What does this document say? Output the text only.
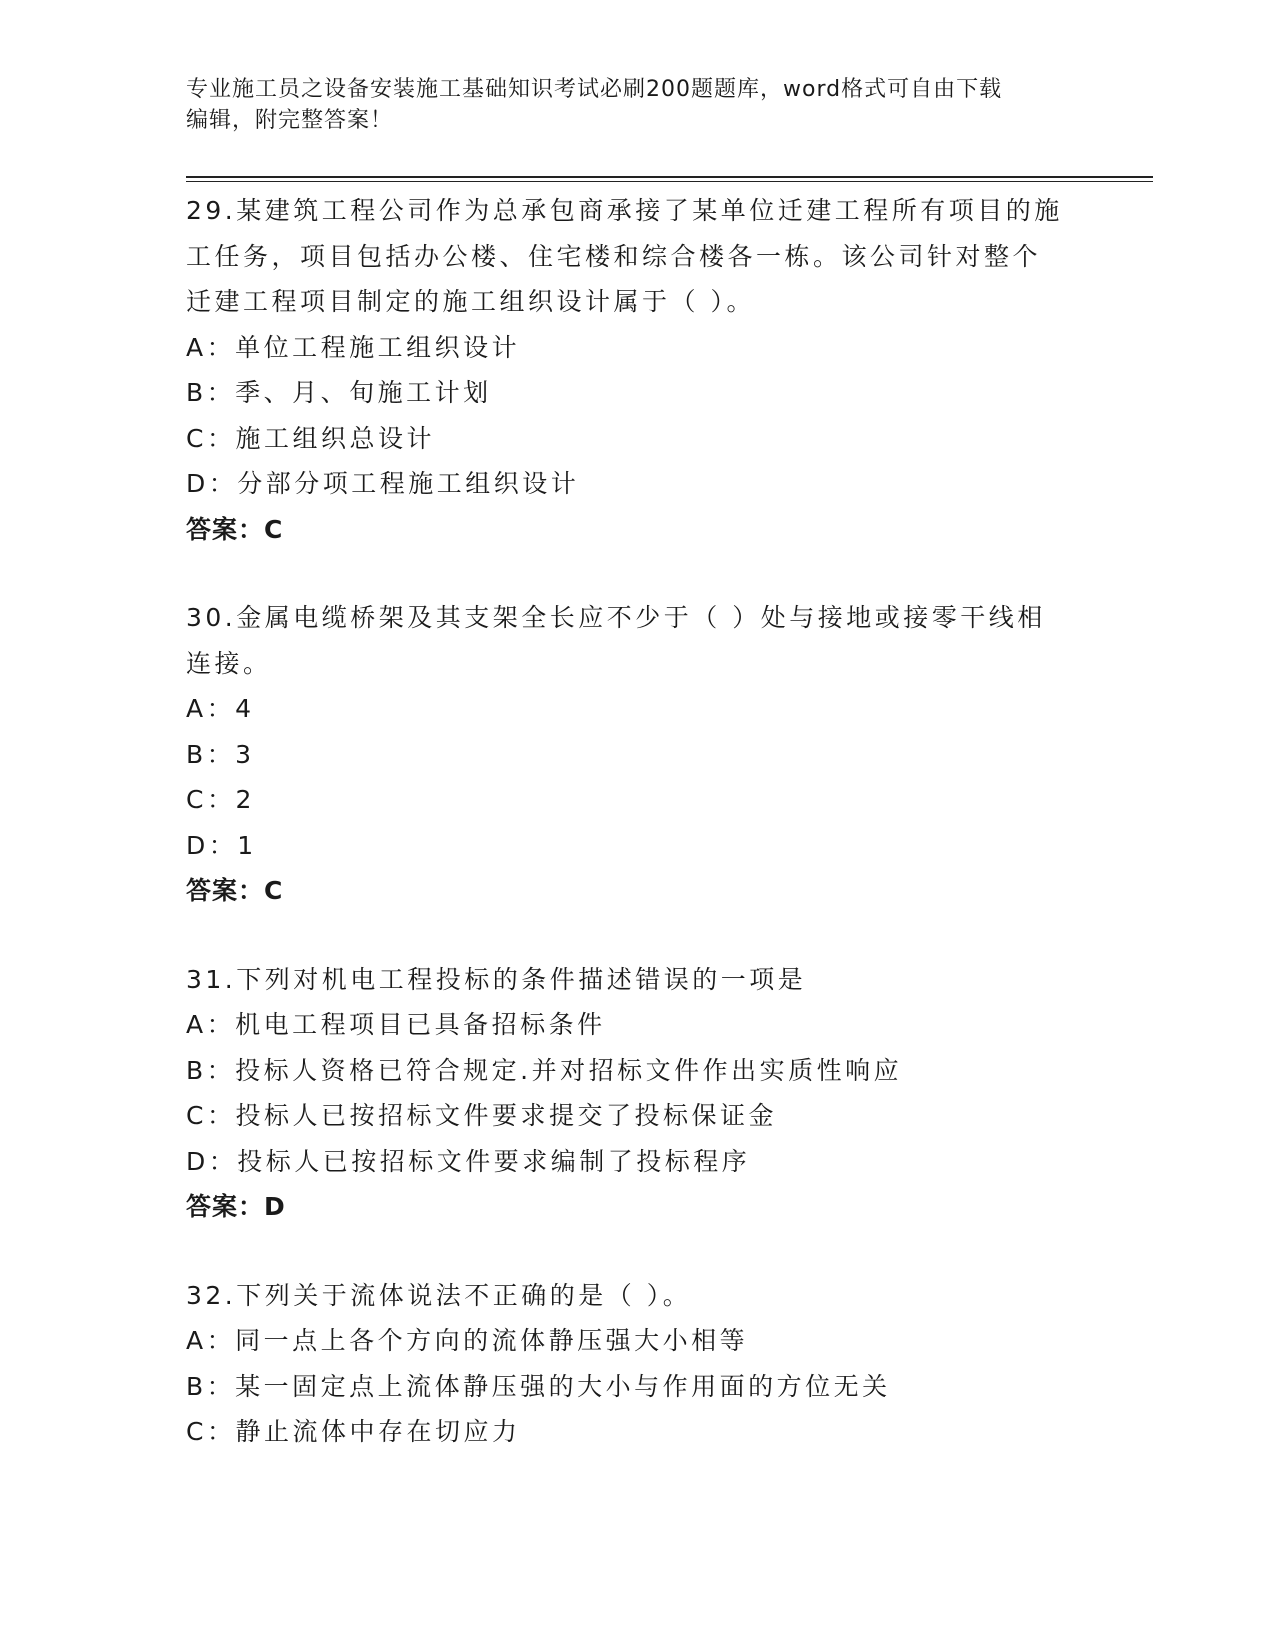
专业施工员之设备安装施工基础知识考试必刷200题题库，word格式可自由下载
编辑，附完整答案！
29.某建筑工程公司作为总承包商承接了某单位迁建工程所有项目的施
工任务，项目包括办公楼、住宅楼和综合楼各一栋。该公司针对整个
迁建工程项目制定的施工组织设计属于（ ）。
A：单位工程施工组织设计
B：季、月、旬施工计划
C：施工组织总设计
D：分部分项工程施工组织设计
答案：C
30.金属电缆桥架及其支架全长应不少于（ ）处与接地或接零干线相
连接。
A：4
B：3
C：2
D：1
答案：C
31.下列对机电工程投标的条件描述错误的一项是
A：机电工程项目已具备招标条件
B：投标人资格已符合规定.并对招标文件作出实质性响应
C：投标人已按招标文件要求提交了投标保证金
D：投标人已按招标文件要求编制了投标程序
答案：D
32.下列关于流体说法不正确的是（ ）。
A：同一点上各个方向的流体静压强大小相等
B：某一固定点上流体静压强的大小与作用面的方位无关
C：静止流体中存在切应力
